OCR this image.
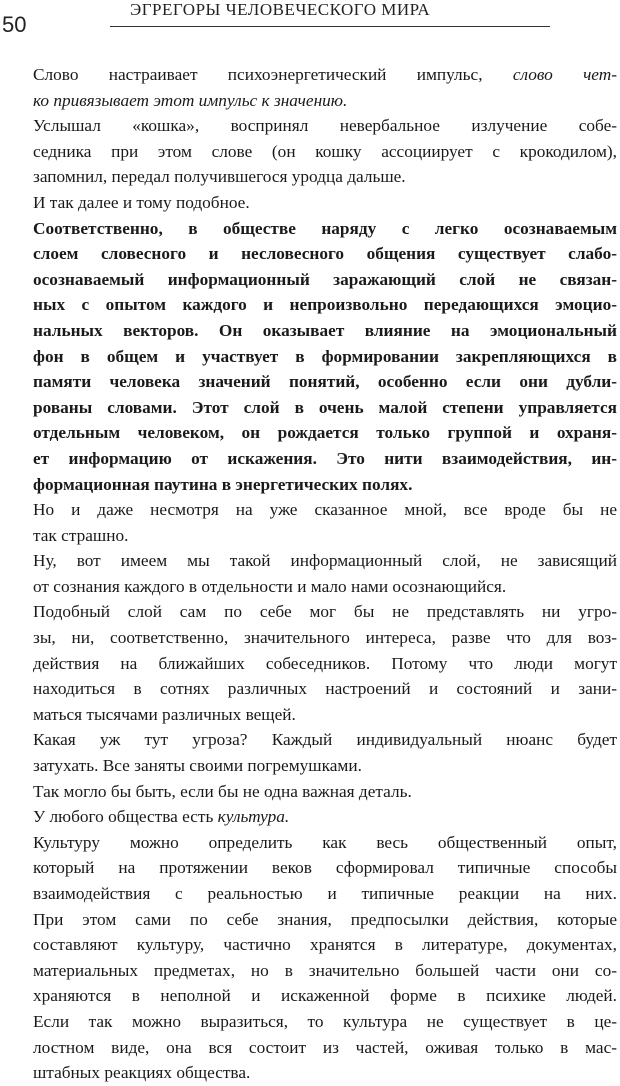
50
ЭГРЕГОРЫ ЧЕЛОВЕЧЕСКОГО МИРА
Слово настраивает психоэнергетический импульс, слово чет-
ко привязывает этот импульс к значению.
Услышал «кошка», воспринял невербальное излучение собе-
седника при этом слове (он кошку ассоциирует с крокодилом),
запомнил, передал получившегося уродца дальше.
И так далее и тому подобное.
Соответственно, в обществе наряду с легко осознаваемым
слоем словесного и несловесного общения существует слабо-
осознаваемый информационный заражающий слой не связан-
ных с опытом каждого и непроизвольно передающихся эмоцио-
нальных векторов. Он оказывает влияние на эмоциональный
фон в общем и участвует в формировании закрепляющихся в
памяти человека значений понятий, особенно если они дубли-
рованы словами. Этот слой в очень малой степени управляется
отдельным человеком, он рождается только группой и охраня-
ет информацию от искажения. Это нити взаимодействия, ин-
формационная паутина в энергетических полях.
Но и даже несмотря на уже сказанное мной, все вроде бы не
так страшно.
Ну, вот имеем мы такой информационный слой, не зависящий
от сознания каждого в отдельности и мало нами осознающийся.
Подобный слой сам по себе мог бы не представлять ни угро-
зы, ни, соответственно, значительного интереса, разве что для воз-
действия на ближайших собеседников. Потому что люди могут
находиться в сотнях различных настроений и состояний и зани-
маться тысячами различных вещей.
Какая уж тут угроза? Каждый индивидуальный нюанс будет
затухать. Все заняты своими погремушками.
Так могло бы быть, если бы не одна важная деталь.
У любого общества есть культура.
Культуру можно определить как весь общественный опыт,
который на протяжении веков сформировал типичные способы
взаимодействия с реальностью и типичные реакции на них.
При этом сами по себе знания, предпосылки действия, которые
составляют культуру, частично хранятся в литературе, документах,
материальных предметах, но в значительно большей части они со-
храняются в неполной и искаженной форме в психике людей.
Если так можно выразиться, то культура не существует в це-
лостном виде, она вся состоит из частей, оживая только в мас-
штабных реакциях общества.
